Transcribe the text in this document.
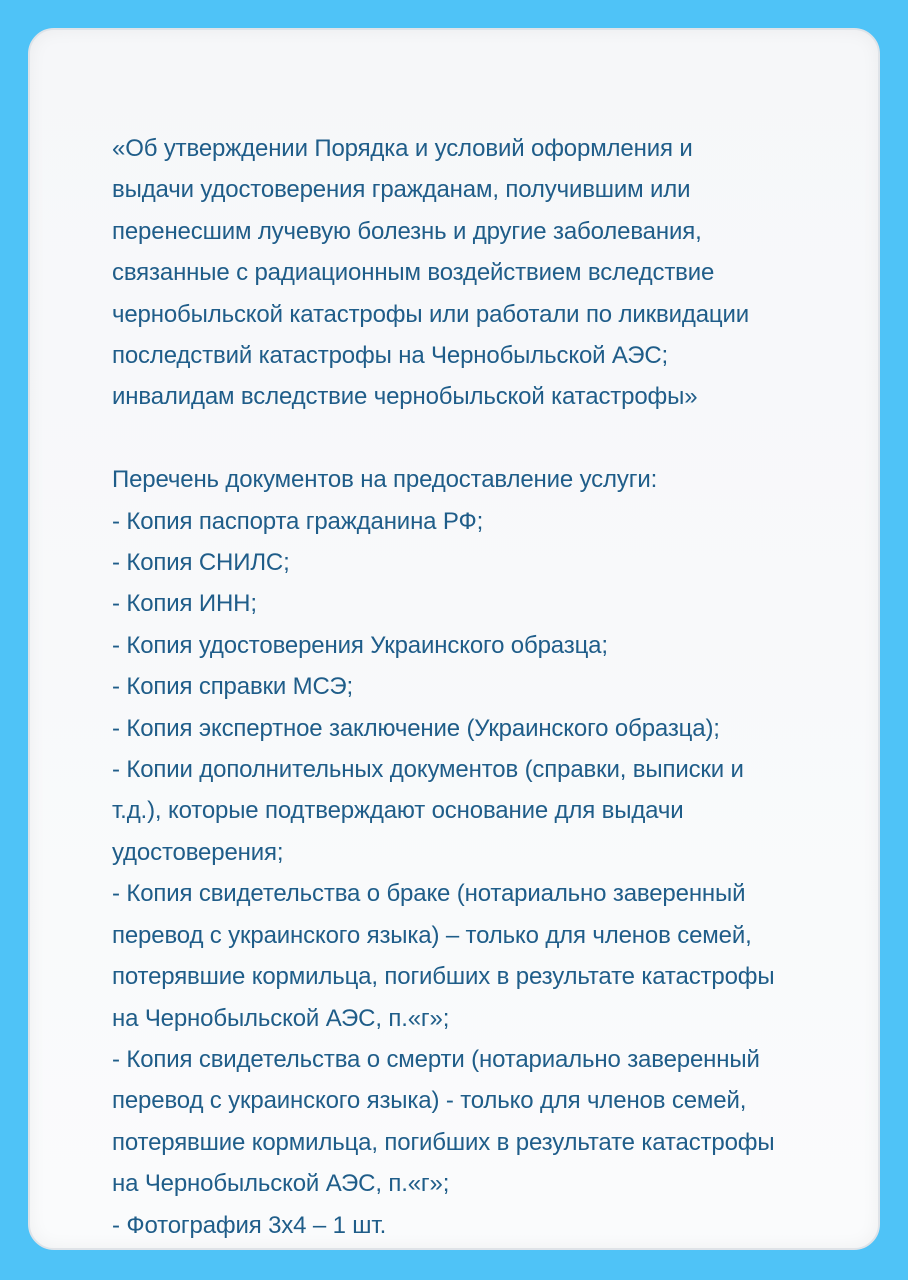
«Об утверждении Порядка и условий оформления и
выдачи удостоверения гражданам, получившим или
перенесшим лучевую болезнь и другие заболевания,
связанные с радиационным воздействием вследствие
чернобыльской катастрофы или работали по ликвидации
последствий катастрофы на Чернобыльской АЭС;
инвалидам вследствие чернобыльской катастрофы»
Перечень документов на предоставление услуги:
- Копия паспорта гражданина РФ;
- Копия СНИЛС;
- Копия ИНН;
- Копия удостоверения Украинского образца;
- Копия справки МСЭ;
- Копия экспертное заключение (Украинского образца);
- Копии дополнительных документов (справки, выписки и
т.д.), которые подтверждают основание для выдачи
удостоверения;
- Копия свидетельства о браке (нотариально заверенный
перевод с украинского языка) – только для членов семей,
потерявшие кормильца, погибших в результате катастрофы
на Чернобыльской АЭС, п.«г»;
- Копия свидетельства о смерти (нотариально заверенный
перевод с украинского языка) - только для членов семей,
потерявшие кормильца, погибших в результате катастрофы
на Чернобыльской АЭС, п.«г»;
- Фотография 3х4 – 1 шт.
